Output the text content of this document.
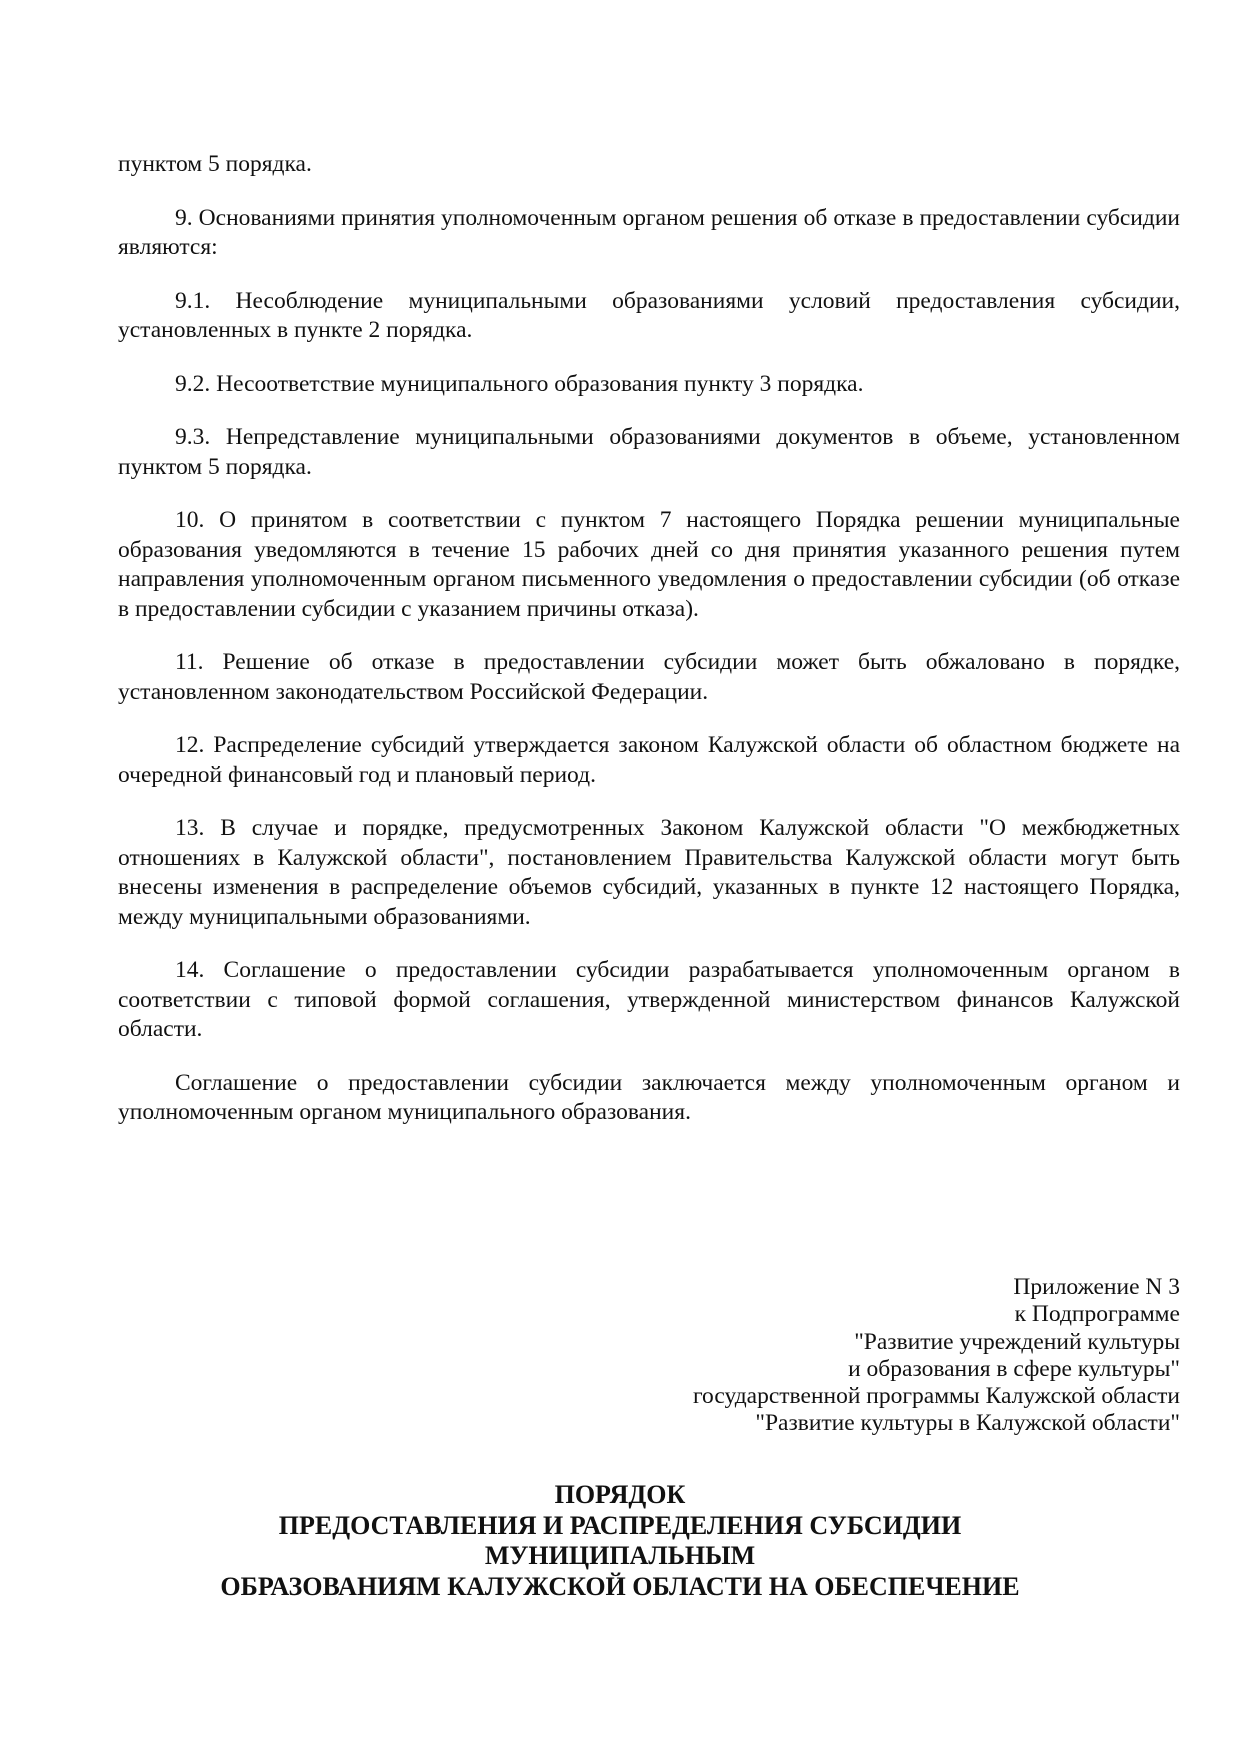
пунктом 5 порядка.

9. Основаниями принятия уполномоченным органом решения об отказе в предоставлении субсидии являются:

9.1. Несоблюдение муниципальными образованиями условий предоставления субсидии, установленных в пункте 2 порядка.

9.2. Несоответствие муниципального образования пункту 3 порядка.

9.3. Непредставление муниципальными образованиями документов в объеме, установленном пунктом 5 порядка.

10. О принятом в соответствии с пунктом 7 настоящего Порядка решении муниципальные образования уведомляются в течение 15 рабочих дней со дня принятия указанного решения путем направления уполномоченным органом письменного уведомления о предоставлении субсидии (об отказе в предоставлении субсидии с указанием причины отказа).

11. Решение об отказе в предоставлении субсидии может быть обжаловано в порядке, установленном законодательством Российской Федерации.

12. Распределение субсидий утверждается законом Калужской области об областном бюджете на очередной финансовый год и плановый период.

13. В случае и порядке, предусмотренных Законом Калужской области "О межбюджетных отношениях в Калужской области", постановлением Правительства Калужской области могут быть внесены изменения в распределение объемов субсидий, указанных в пункте 12 настоящего Порядка, между муниципальными образованиями.

14. Соглашение о предоставлении субсидии разрабатывается уполномоченным органом в соответствии с типовой формой соглашения, утвержденной министерством финансов Калужской области.

Соглашение о предоставлении субсидии заключается между уполномоченным органом и уполномоченным органом муниципального образования.

Приложение N 3
к Подпрограмме
"Развитие учреждений культуры
и образования в сфере культуры"
государственной программы Калужской области
"Развитие культуры в Калужской области"
ПОРЯДОК
ПРЕДОСТАВЛЕНИЯ И РАСПРЕДЕЛЕНИЯ СУБСИДИИ
МУНИЦИПАЛЬНЫМ
ОБРАЗОВАНИЯМ КАЛУЖСКОЙ ОБЛАСТИ НА ОБЕСПЕЧЕНИЕ
